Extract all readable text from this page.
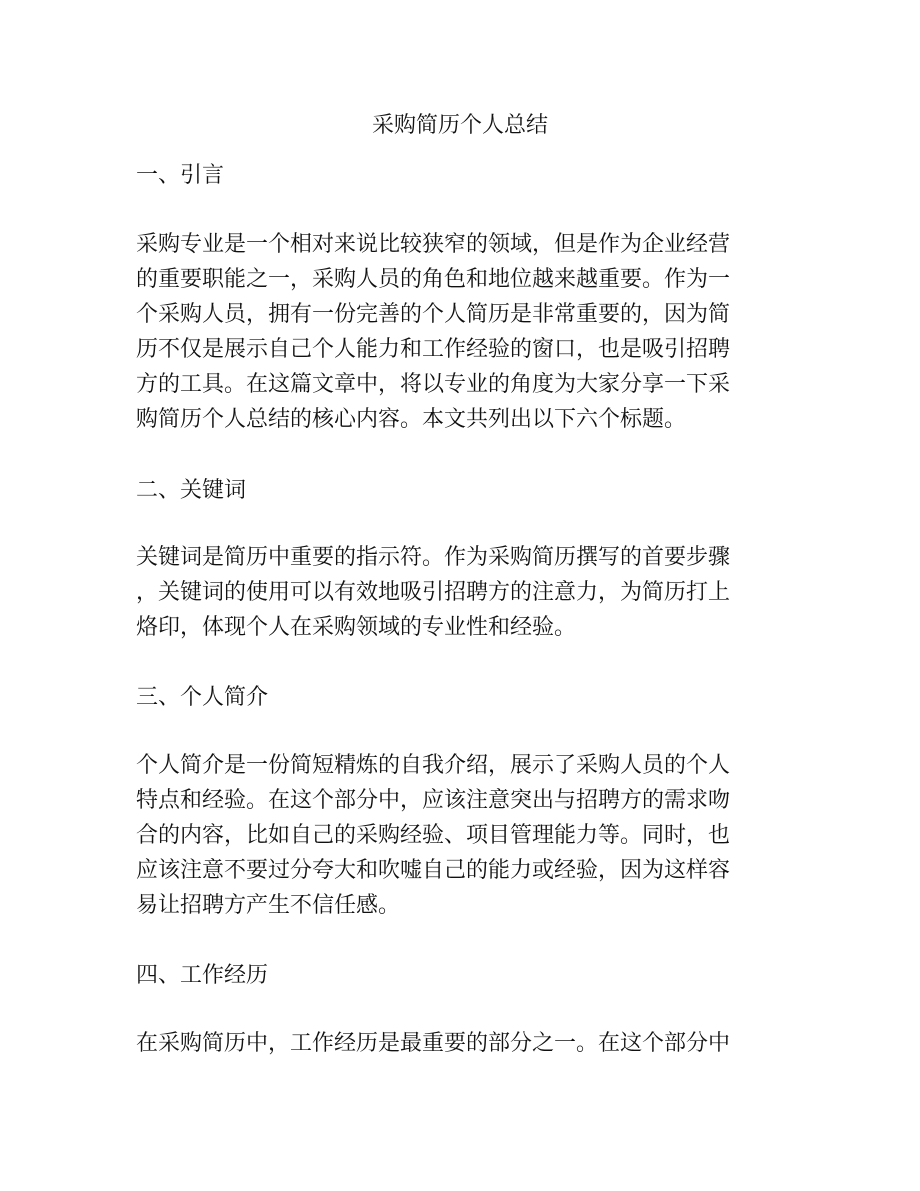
采购简历个人总结
一、引言
采购专业是一个相对来说比较狭窄的领域，但是作为企业经营
的重要职能之一，采购人员的角色和地位越来越重要。作为一
个采购人员，拥有一份完善的个人简历是非常重要的，因为简
历不仅是展示自己个人能力和工作经验的窗口，也是吸引招聘
方的工具。在这篇文章中，将以专业的角度为大家分享一下采
购简历个人总结的核心内容。本文共列出以下六个标题。
二、关键词
关键词是简历中重要的指示符。作为采购简历撰写的首要步骤
，关键词的使用可以有效地吸引招聘方的注意力，为简历打上
烙印，体现个人在采购领域的专业性和经验。
三、个人简介
个人简介是一份简短精炼的自我介绍，展示了采购人员的个人
特点和经验。在这个部分中，应该注意突出与招聘方的需求吻
合的内容，比如自己的采购经验、项目管理能力等。同时，也
应该注意不要过分夸大和吹嘘自己的能力或经验，因为这样容
易让招聘方产生不信任感。
四、工作经历
在采购简历中，工作经历是最重要的部分之一。在这个部分中
